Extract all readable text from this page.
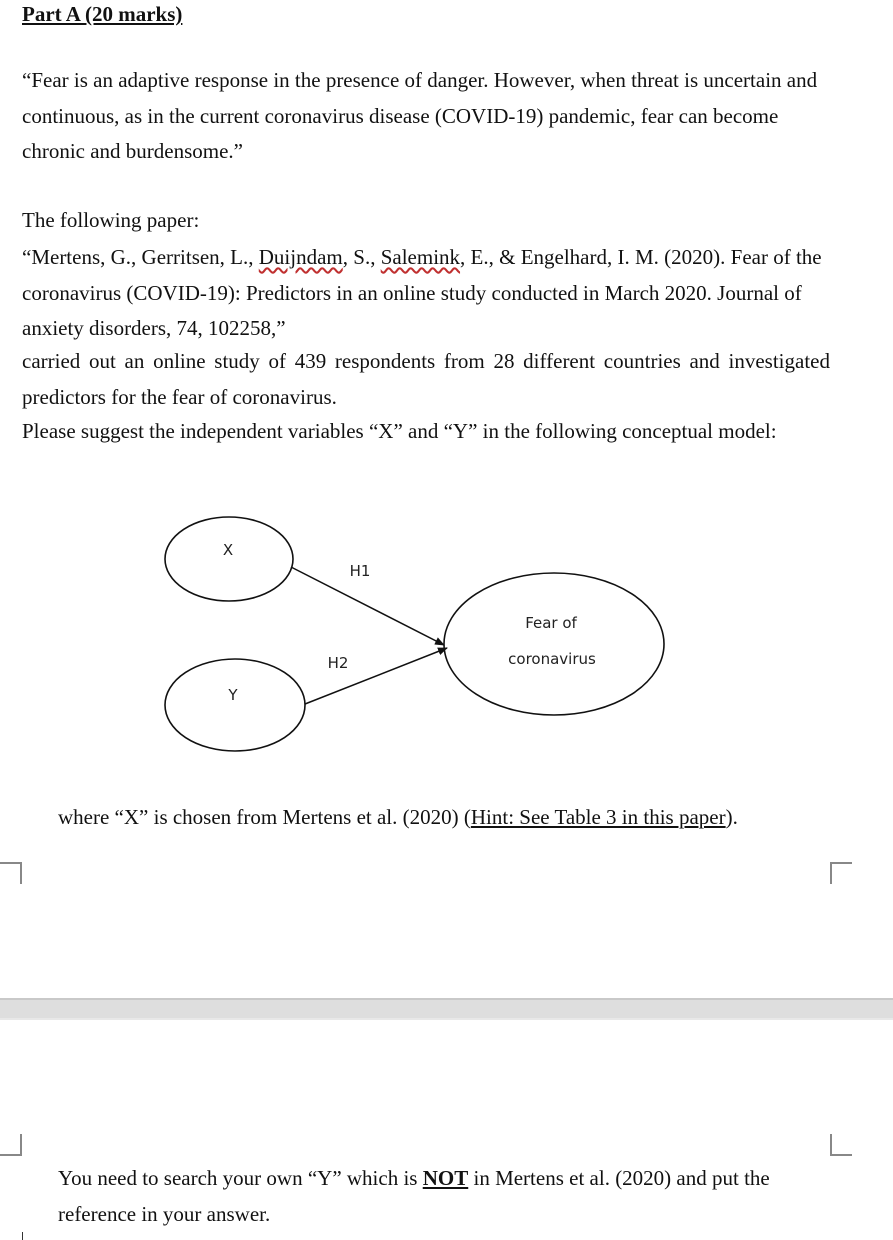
Part A (20 marks)
“Fear is an adaptive response in the presence of danger. However, when threat is uncertain and continuous, as in the current coronavirus disease (COVID-19) pandemic, fear can become chronic and burdensome.”
The following paper:
“Mertens, G., Gerritsen, L., Duijndam, S., Salemink, E., & Engelhard, I. M. (2020). Fear of the coronavirus (COVID-19): Predictors in an online study conducted in March 2020. Journal of anxiety disorders, 74, 102258,”
carried out an online study of 439 respondents from 28 different countries and investigated predictors for the fear of coronavirus.
Please suggest the independent variables “X” and “Y” in the following conceptual model:
X
Y
H1
H2
Fear of
coronavirus
where “X” is chosen from Mertens et al. (2020) (Hint: See Table 3 in this paper).
You need to search your own “Y” which is NOT in Mertens et al. (2020) and put the reference in your answer.
